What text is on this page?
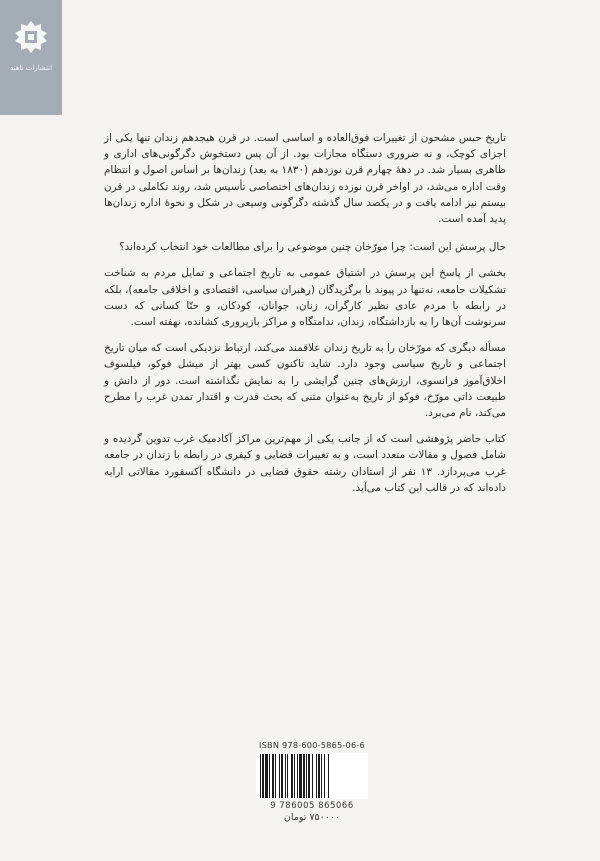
انتشارات ناهید

تاریخ حبس مشحون از تغییرات فوق‌العاده و اساسی است. در قرن هیجدهم زندان تنها یکی از اجزای کوچک، و نه ضروری دستگاه مجازات بود. از آن پس دستخوش دگرگونی‌های اداری و ظاهری بسیار شد. در دههٔ چهارم قرن نوزدهم (۱۸۳۰ به بعد) زندان‌ها بر اساس اصول و انتظام وقت اداره می‌شد، در اواخر قرن نوزده زندان‌های اختصاصی تأسیس شد، روند تکاملی در قرن بیستم نیز ادامه یافت و در یکصد سال گذشته دگرگونی وسیعی در شکل و نحوهٔ اداره زندان‌ها پدید آمده است.

حال پرسش این است: چرا مورّخان چنین موضوعی را برای مطالعات خود انتخاب کرده‌اند؟

بخشی از پاسخ این پرسش در اشتیاق عمومی به تاریخ اجتماعی و تمایل مردم به شناخت تشکیلات جامعه، نه‌تنها در پیوند با برگزیدگان (رهبران سیاسی، اقتصادی و اخلاقی جامعه)، بلکه در رابطه با مردم عادی نظیر کارگران، زنان، جوانان، کودکان، و حتّا کسانی که دست سرنوشت آن‌ها را به بازداشتگاه، زندان، ندامتگاه و مراکز بازپروری کشانده، نهفته است.

مسأله دیگری که مورّخان را به تاریخ زندان علاقمند می‌کند، ارتباط نزدیکی است که میان تاریخ اجتماعی و تاریخ سیاسی وجود دارد. شاید تاکنون کسی بهتر از میشل فوکو، فیلسوف اخلاق‌آموز فرانسوی، ارزش‌های چنین گرایشی را به نمایش نگذاشته است. دور از دانش و طبیعت ذاتی مورّخ، فوکو از تاریخ به‌عنوان متنی که بحث قدرت و اقتدار تمدن غرب را مطرح می‌کند، نام می‌برد.

کتاب حاضر پژوهشی است که از جانب یکی از مهم‌ترین مراکز آکادمیک غرب تدوین گردیده و شامل فصول و مقالات متعدد است، و به تغییرات قضایی و کیفری در رابطه با زندان در جامعه غرب می‌پردازد. ۱۳ نفر از استادان رشته حقوق قضایی در دانشگاه آکسفورد مقالاتی ارایه داده‌اند که در قالب این کتاب می‌آید.

ISBN 978-600-5865-06-6
9 786005 865066
۷۵۰۰۰۰ تومان
